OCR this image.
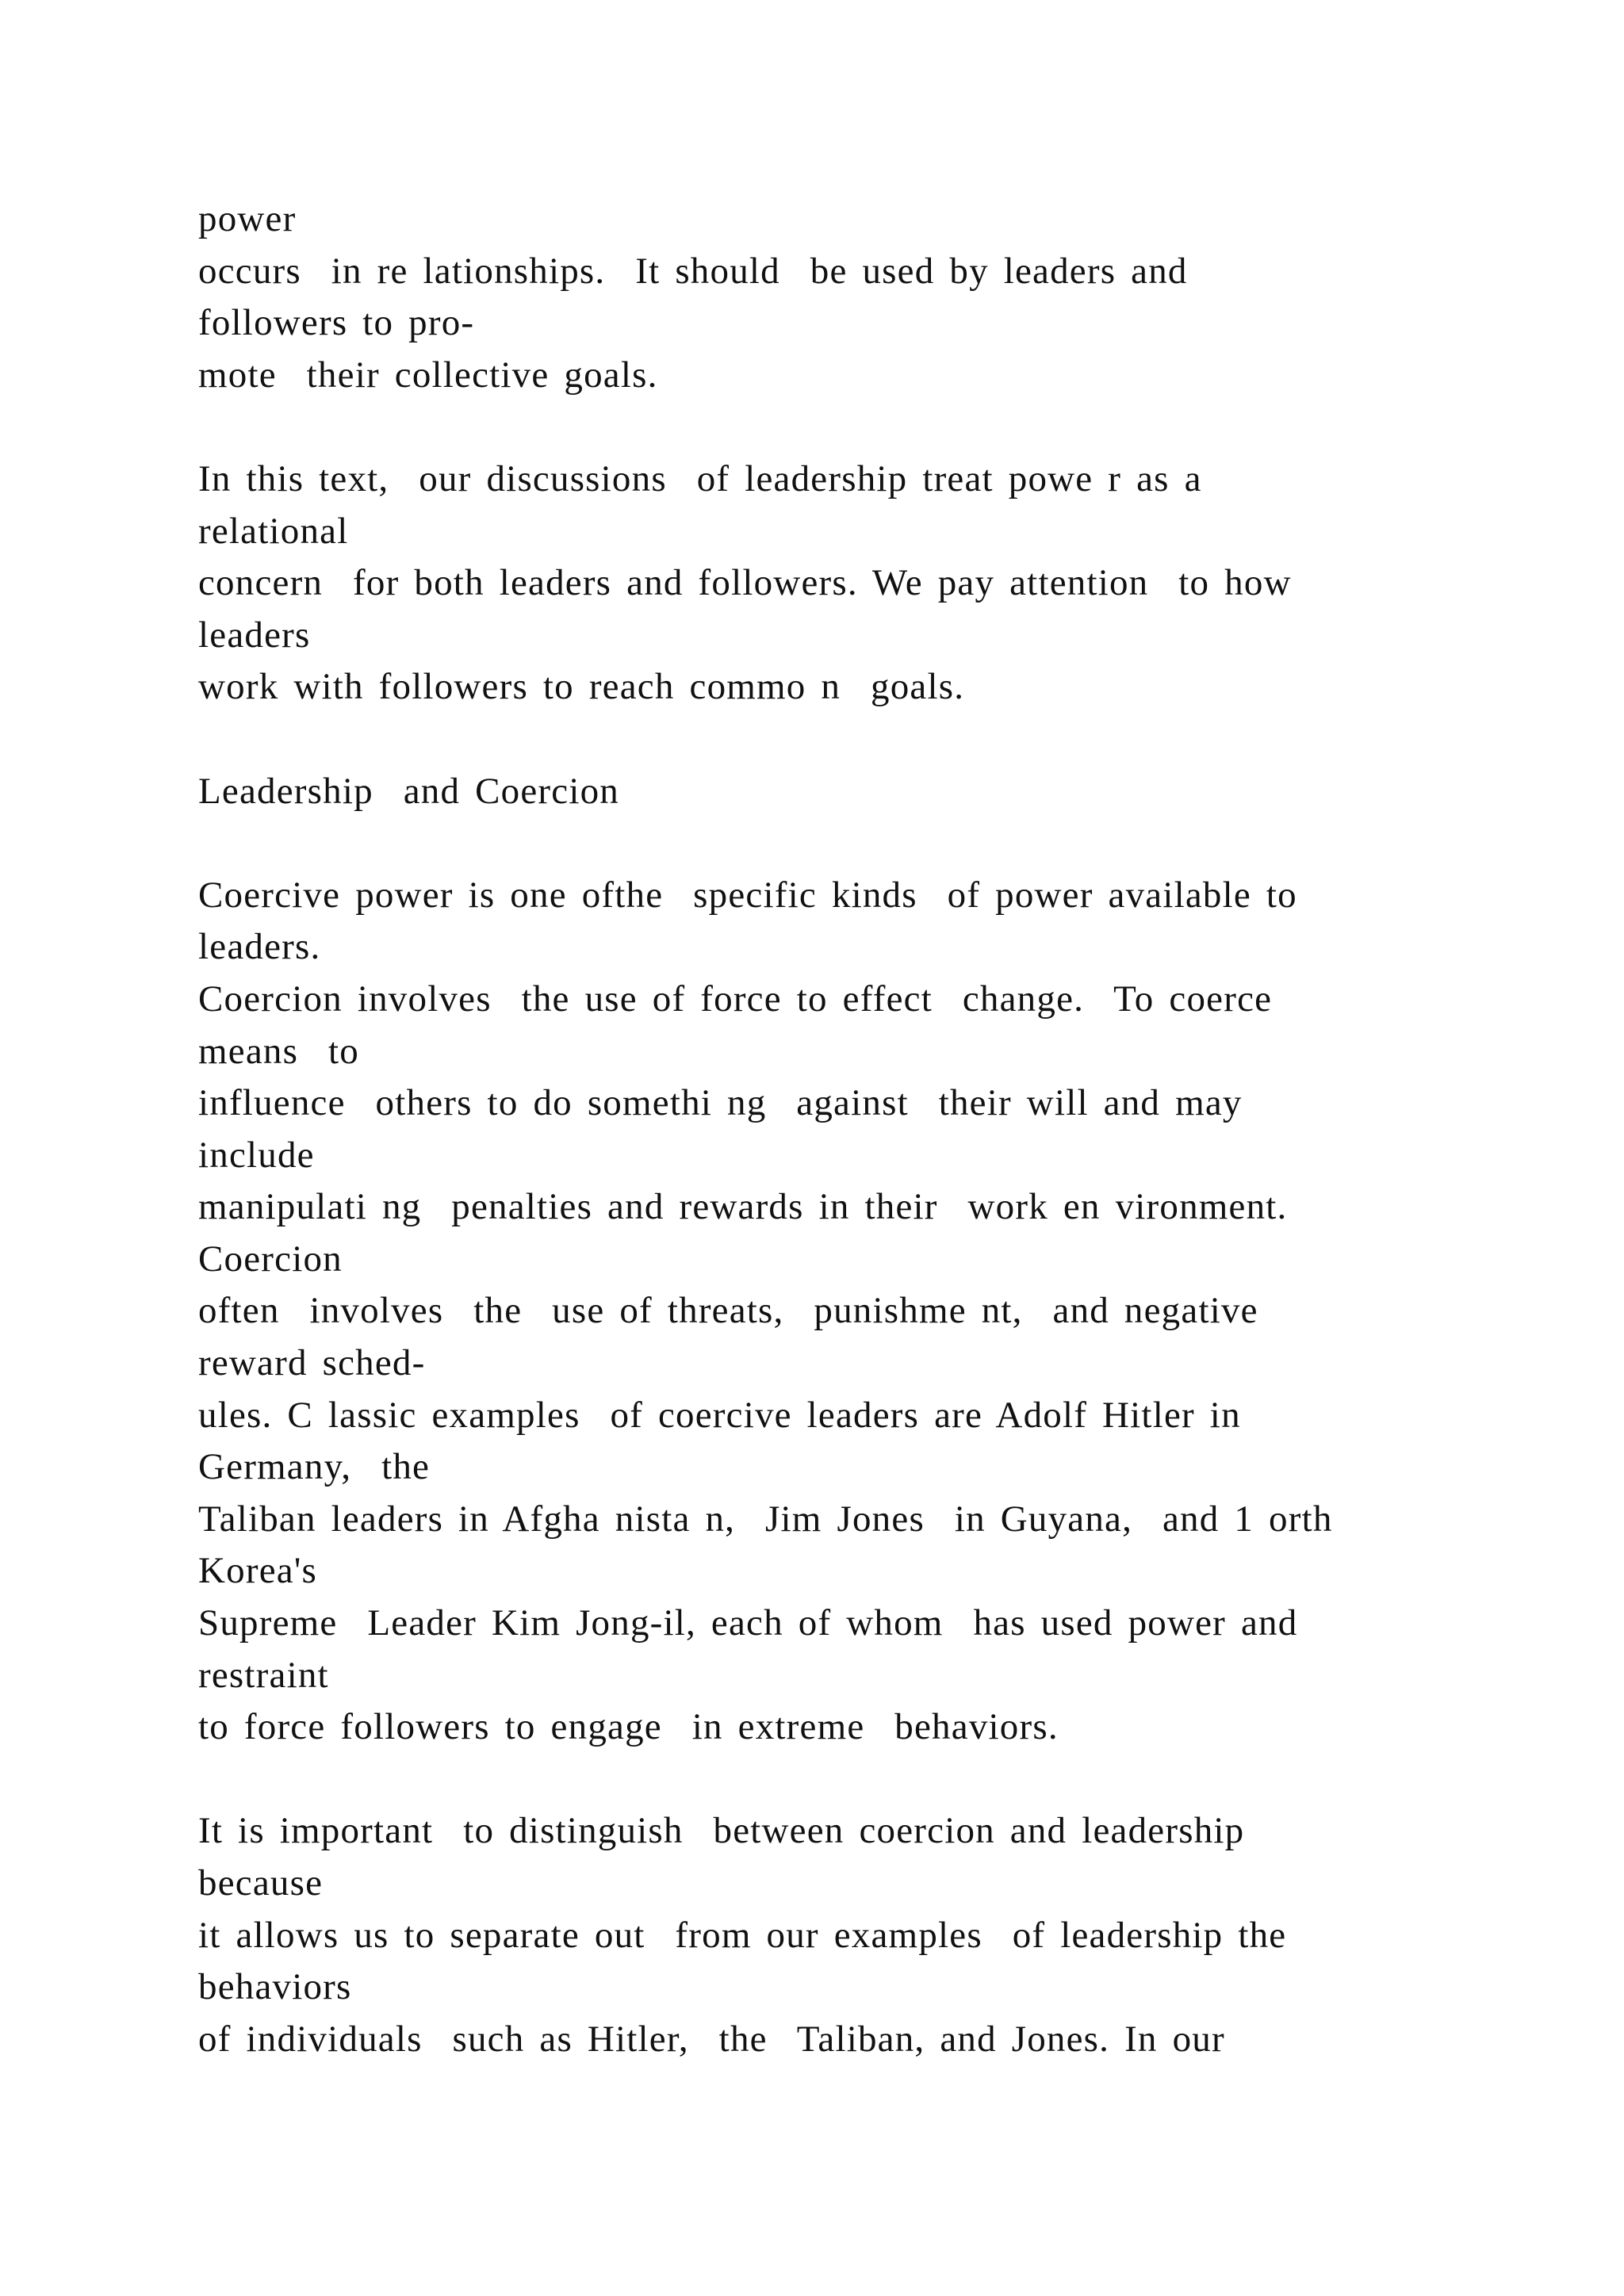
power
occurs  in re lationships.  It should  be used by leaders and
followers to pro-
mote  their collective goals.
In this text,  our discussions  of leadership treat powe r as a
relational
concern  for both leaders and followers. We pay attention  to how
leaders
work with followers to reach commo n  goals.
Leadership  and Coercion
Coercive power is one ofthe  specific kinds  of power available to
leaders.
Coercion involves  the use of force to effect  change.  To coerce
means  to
influence  others to do somethi ng  against  their will and may
include
manipulati ng  penalties and rewards in their  work en vironment.
Coercion
often  involves  the  use of threats,  punishme nt,  and negative
reward sched-
ules. C lassic examples  of coercive leaders are Adolf Hitler in
Germany,  the
Taliban leaders in Afgha nista n,  Jim Jones  in Guyana,  and 1 orth
Korea's
Supreme  Leader Kim Jong-il, each of whom  has used power and
restraint
to force followers to engage  in extreme  behaviors.
It is important  to distinguish  between coercion and leadership
because
it allows us to separate out  from our examples  of leadership the
behaviors
of individuals  such as Hitler,  the  Taliban, and Jones. In our
